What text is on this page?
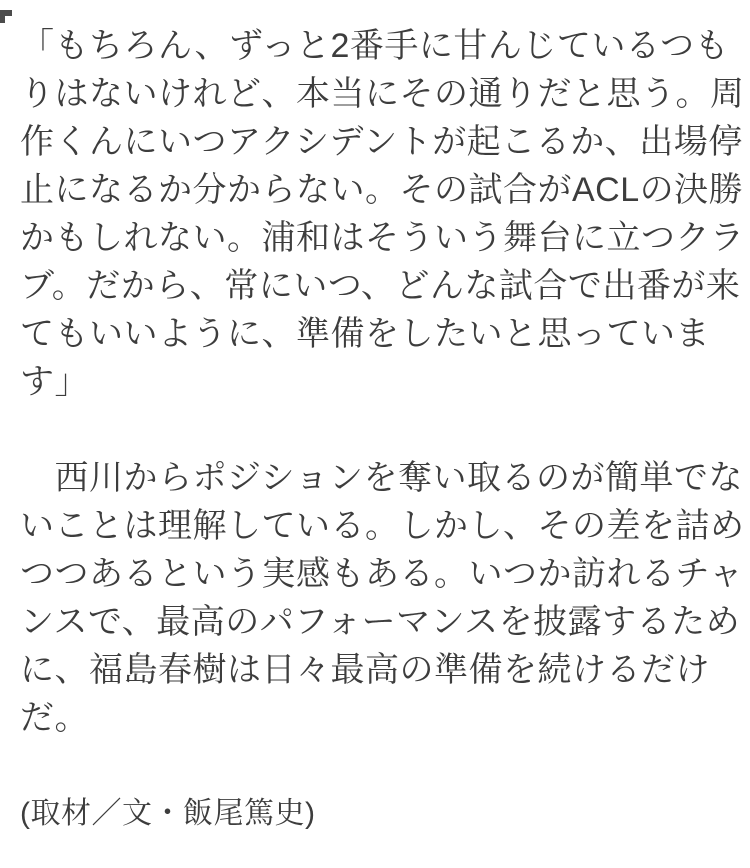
「もちろん、ずっと2番手に甘んじているつも
りはないけれど、本当にその通りだと思う。周
作くんにいつアクシデントが起こるか、出場停
止になるか分からない。その試合がACLの決勝
かもしれない。浦和はそういう舞台に立つクラ
ブ。だから、常にいつ、どんな試合で出番が来
てもいいように、準備をしたいと思っていま
す」
　西川からポジションを奪い取るのが簡単でな
いことは理解している。しかし、その差を詰め
つつあるという実感もある。いつか訪れるチャ
ンスで、最高のパフォーマンスを披露するため
に、福島春樹は日々最高の準備を続けるだけ
だ。
(取材／文・飯尾篤史)
